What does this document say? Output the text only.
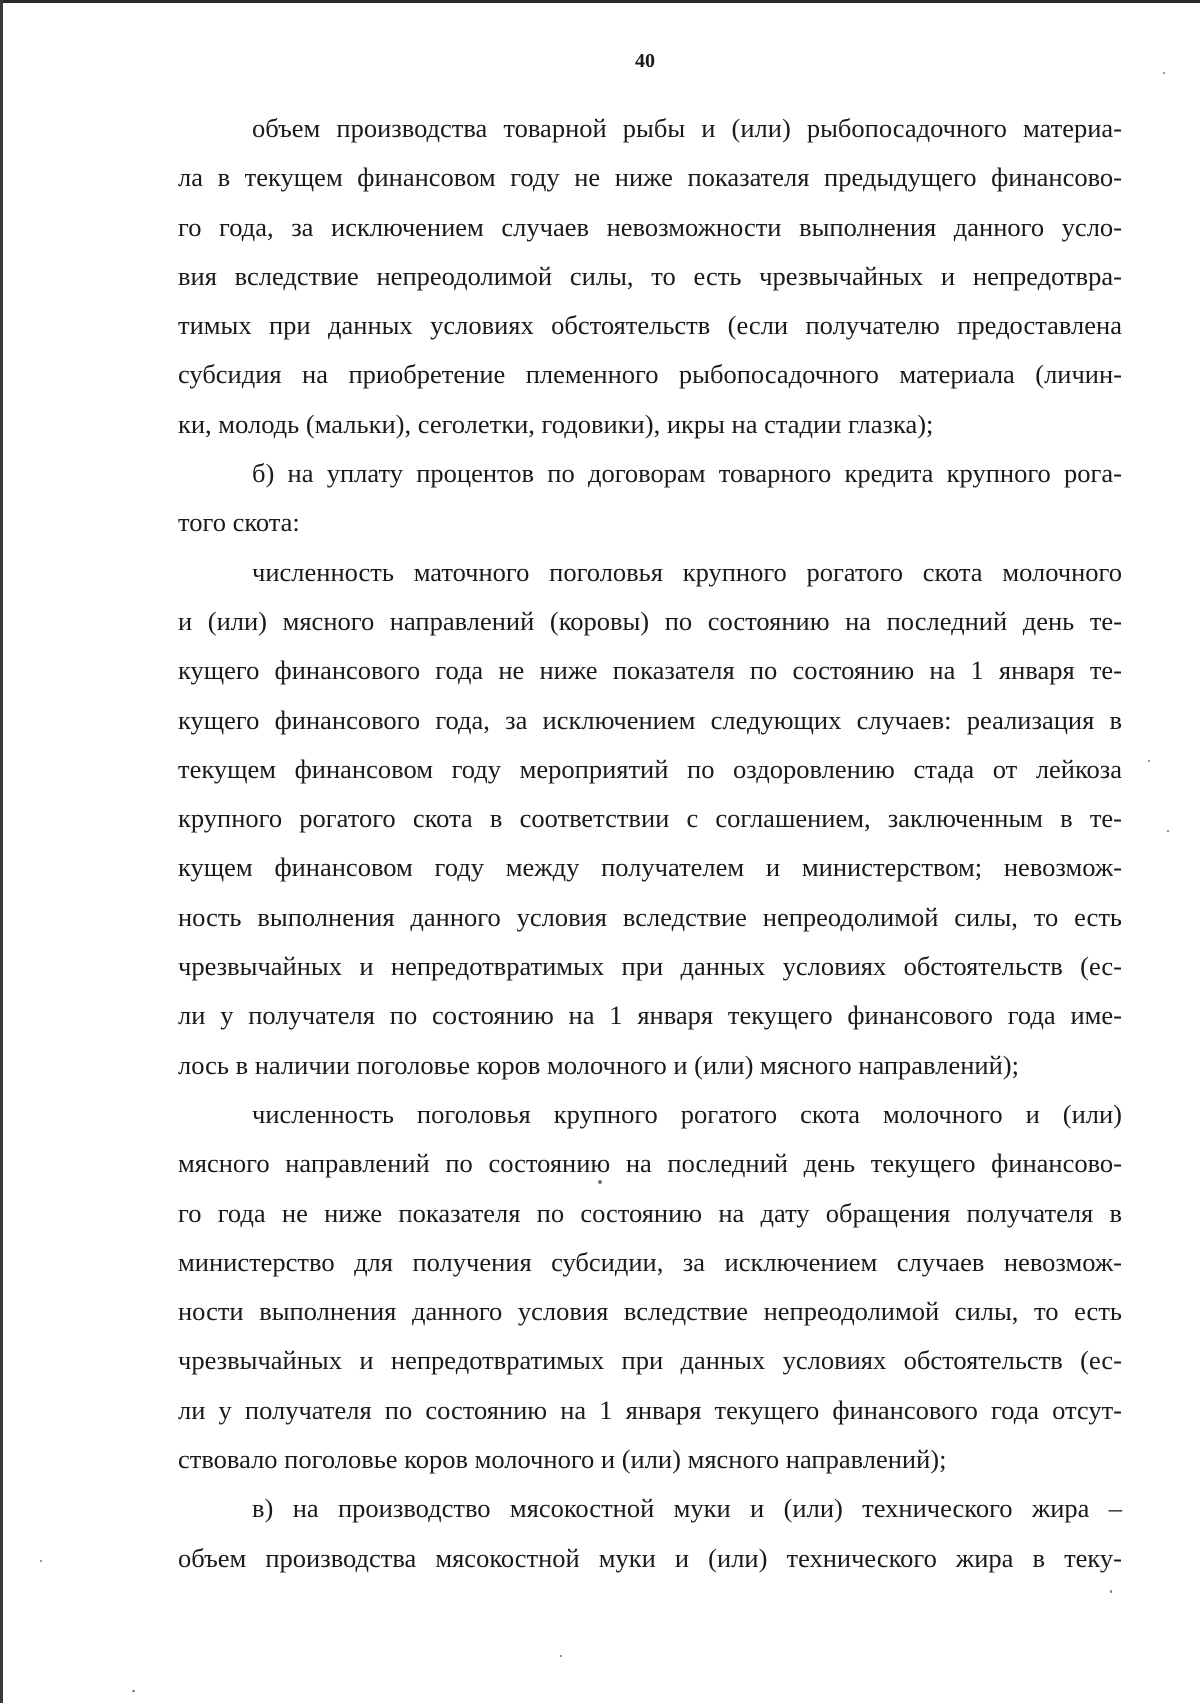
40
объем производства товарной рыбы и (или) рыбопосадочного материа-
ла в текущем финансовом году не ниже показателя предыдущего финансово-
го года, за исключением случаев невозможности выполнения данного усло-
вия вследствие непреодолимой силы, то есть чрезвычайных и непредотвра-
тимых при данных условиях обстоятельств (если получателю предоставлена
субсидия на приобретение племенного рыбопосадочного материала (личин-
ки, молодь (мальки), сеголетки, годовики), икры на стадии глазка);
б) на уплату процентов по договорам товарного кредита крупного рога-
того скота:
численность маточного поголовья крупного рогатого скота молочного
и (или) мясного направлений (коровы) по состоянию на последний день те-
кущего финансового года не ниже показателя по состоянию на 1 января те-
кущего финансового года, за исключением следующих случаев: реализация в
текущем финансовом году мероприятий по оздоровлению стада от лейкоза
крупного рогатого скота в соответствии с соглашением, заключенным в те-
кущем финансовом году между получателем и министерством; невозмож-
ность выполнения данного условия вследствие непреодолимой силы, то есть
чрезвычайных и непредотвратимых при данных условиях обстоятельств (ес-
ли у получателя по состоянию на 1 января текущего финансового года име-
лось в наличии поголовье коров молочного и (или) мясного направлений);
численность поголовья крупного рогатого скота молочного и (или)
мясного направлений по состоянию на последний день текущего финансово-
го года не ниже показателя по состоянию на дату обращения получателя в
министерство для получения субсидии, за исключением случаев невозмож-
ности выполнения данного условия вследствие непреодолимой силы, то есть
чрезвычайных и непредотвратимых при данных условиях обстоятельств (ес-
ли у получателя по состоянию на 1 января текущего финансового года отсут-
ствовало поголовье коров молочного и (или) мясного направлений);
в) на производство мясокостной муки и (или) технического жира –
объем производства мясокостной муки и (или) технического жира в теку-
